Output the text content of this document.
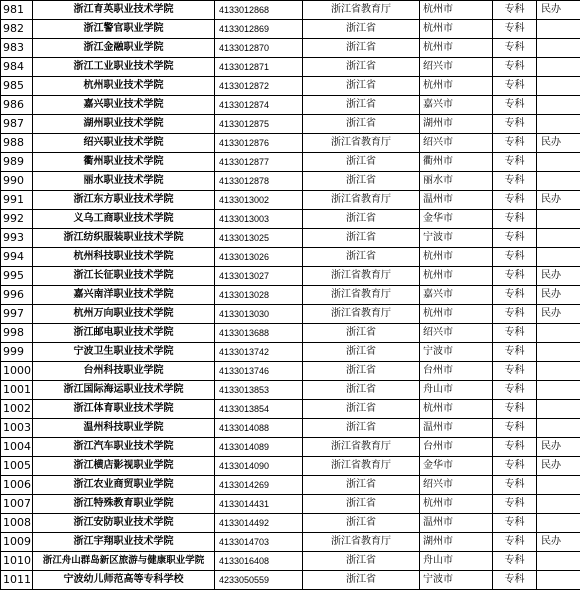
981	浙江育英职业技术学院	4133012868	浙江省教育厅	杭州市	专科	民办
982	浙江警官职业学院	4133012869	浙江省	杭州市	专科	
983	浙江金融职业学院	4133012870	浙江省	杭州市	专科	
984	浙江工业职业技术学院	4133012871	浙江省	绍兴市	专科	
985	杭州职业技术学院	4133012872	浙江省	杭州市	专科	
986	嘉兴职业技术学院	4133012874	浙江省	嘉兴市	专科	
987	湖州职业技术学院	4133012875	浙江省	湖州市	专科	
988	绍兴职业技术学院	4133012876	浙江省教育厅	绍兴市	专科	民办
989	衢州职业技术学院	4133012877	浙江省	衢州市	专科	
990	丽水职业技术学院	4133012878	浙江省	丽水市	专科	
991	浙江东方职业技术学院	4133013002	浙江省教育厅	温州市	专科	民办
992	义乌工商职业技术学院	4133013003	浙江省	金华市	专科	
993	浙江纺织服装职业技术学院	4133013025	浙江省	宁波市	专科	
994	杭州科技职业技术学院	4133013026	浙江省	杭州市	专科	
995	浙江长征职业技术学院	4133013027	浙江省教育厅	杭州市	专科	民办
996	嘉兴南洋职业技术学院	4133013028	浙江省教育厅	嘉兴市	专科	民办
997	杭州万向职业技术学院	4133013030	浙江省教育厅	杭州市	专科	民办
998	浙江邮电职业技术学院	4133013688	浙江省	绍兴市	专科	
999	宁波卫生职业技术学院	4133013742	浙江省	宁波市	专科	
1000	台州科技职业学院	4133013746	浙江省	台州市	专科	
1001	浙江国际海运职业技术学院	4133013853	浙江省	舟山市	专科	
1002	浙江体育职业技术学院	4133013854	浙江省	杭州市	专科	
1003	温州科技职业学院	4133014088	浙江省	温州市	专科	
1004	浙江汽车职业技术学院	4133014089	浙江省教育厅	台州市	专科	民办
1005	浙江横店影视职业学院	4133014090	浙江省教育厅	金华市	专科	民办
1006	浙江农业商贸职业学院	4133014269	浙江省	绍兴市	专科	
1007	浙江特殊教育职业学院	4133014431	浙江省	杭州市	专科	
1008	浙江安防职业技术学院	4133014492	浙江省	温州市	专科	
1009	浙江宇翔职业技术学院	4133014703	浙江省教育厅	湖州市	专科	民办
1010	浙江舟山群岛新区旅游与健康职业学院	4133016408	浙江省	舟山市	专科	
1011	宁波幼儿师范高等专科学校	4233050559	浙江省	宁波市	专科	
